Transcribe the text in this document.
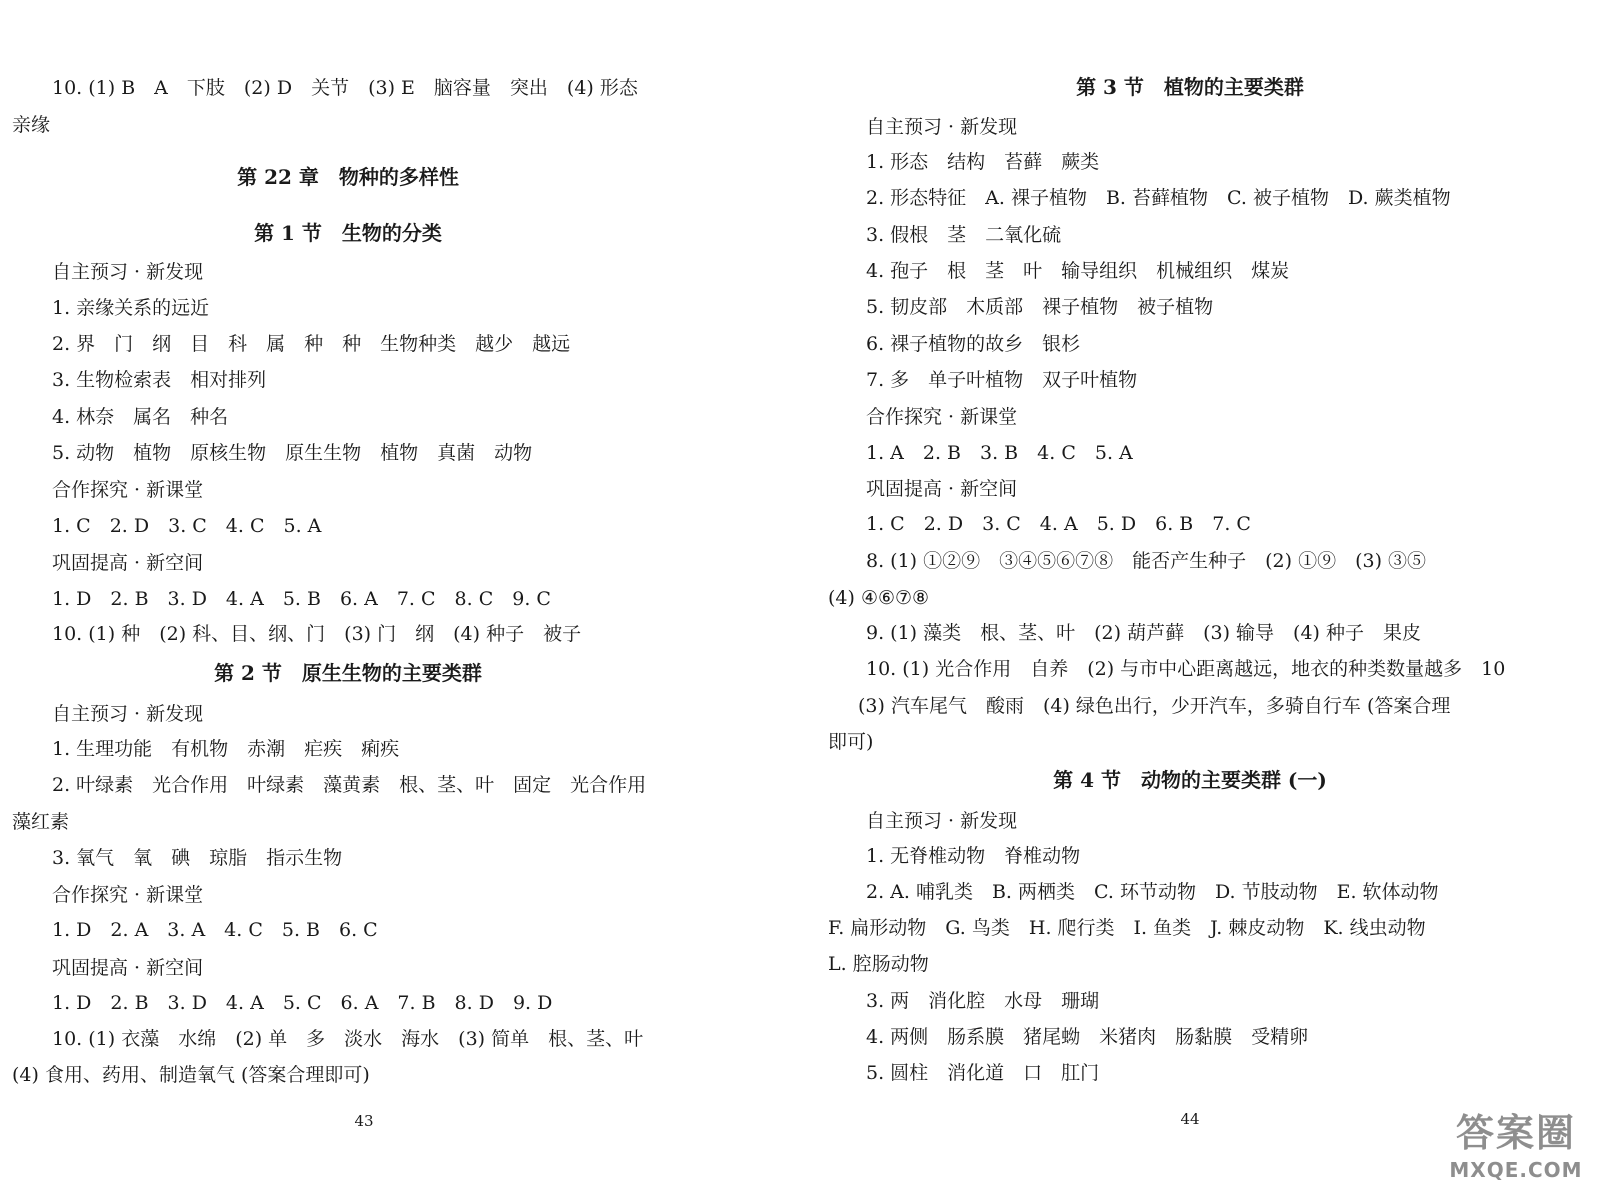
10. (1) B　A　下肢　(2) D　关节　(3) E　脑容量　突出　(4) 形态
亲缘
第 22 章　物种的多样性
第 1 节　生物的分类
自主预习 · 新发现
1. 亲缘关系的远近
2. 界　门　纲　目　科　属　种　种　生物种类　越少　越远
3. 生物检索表　相对排列
4. 林奈　属名　种名
5. 动物　植物　原核生物　原生生物　植物　真菌　动物
合作探究 · 新课堂
1. C　2. D　3. C　4. C　5. A
巩固提高 · 新空间
1. D　2. B　3. D　4. A　5. B　6. A　7. C　8. C　9. C
10. (1) 种　(2) 科、目、纲、门　(3) 门　纲　(4) 种子　被子
第 2 节　原生生物的主要类群
自主预习 · 新发现
1. 生理功能　有机物　赤潮　疟疾　痢疾
2. 叶绿素　光合作用　叶绿素　藻黄素　根、茎、叶　固定　光合作用
藻红素
3. 氧气　氧　碘　琼脂　指示生物
合作探究 · 新课堂
1. D　2. A　3. A　4. C　5. B　6. C
巩固提高 · 新空间
1. D　2. B　3. D　4. A　5. C　6. A　7. B　8. D　9. D
10. (1) 衣藻　水绵　(2) 单　多　淡水　海水　(3) 简单　根、茎、叶
(4) 食用、药用、制造氧气 (答案合理即可)
43
第 3 节　植物的主要类群
自主预习 · 新发现
1. 形态　结构　苔藓　蕨类
2. 形态特征　A. 裸子植物　B. 苔藓植物　C. 被子植物　D. 蕨类植物
3. 假根　茎　二氧化硫
4. 孢子　根　茎　叶　输导组织　机械组织　煤炭
5. 韧皮部　木质部　裸子植物　被子植物
6. 裸子植物的故乡　银杉
7. 多　单子叶植物　双子叶植物
合作探究 · 新课堂
1. A　2. B　3. B　4. C　5. A
巩固提高 · 新空间
1. C　2. D　3. C　4. A　5. D　6. B　7. C
8. (1) ①②⑨　③④⑤⑥⑦⑧　能否产生种子　(2) ①⑨　(3) ③⑤
(4) ④⑥⑦⑧
9. (1) 藻类　根、茎、叶　(2) 葫芦藓　(3) 输导　(4) 种子　果皮
10. (1) 光合作用　自养　(2) 与市中心距离越远，地衣的种类数量越多　10
(3) 汽车尾气　酸雨　(4) 绿色出行，少开汽车，多骑自行车 (答案合理
即可)
第 4 节　动物的主要类群 (一)
自主预习 · 新发现
1. 无脊椎动物　脊椎动物
2. A. 哺乳类　B. 两栖类　C. 环节动物　D. 节肢动物　E. 软体动物
F. 扁形动物　G. 鸟类　H. 爬行类　I. 鱼类　J. 棘皮动物　K. 线虫动物
L. 腔肠动物
3. 两　消化腔　水母　珊瑚
4. 两侧　肠系膜　猪尾蚴　米猪肉　肠黏膜　受精卵
5. 圆柱　消化道　口　肛门
44	答案圈
MXQE.COM
